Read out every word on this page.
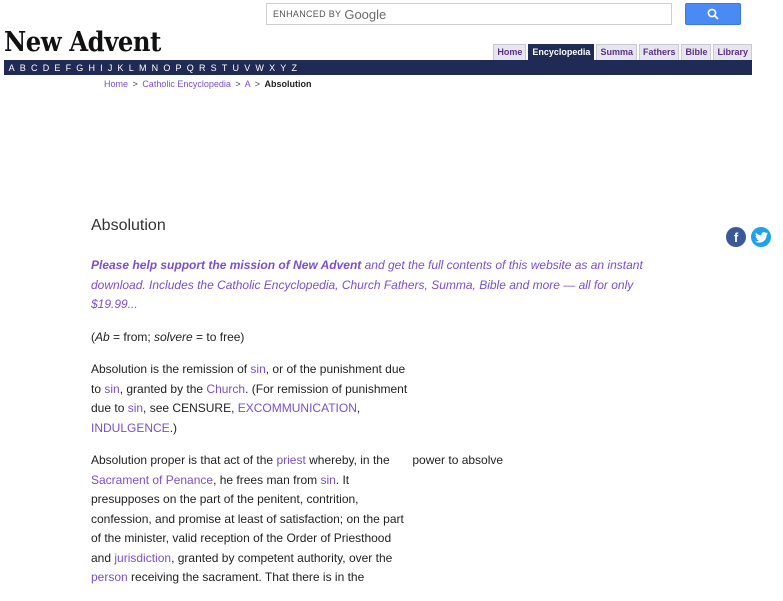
ENHANCED BY Google
New Advent	Home	Encyclopedia	Summa	Fathers	Bible	Library
A B C D E F G H I J K L M N O P Q R S T U V W X Y Z
Home > Catholic Encyclopedia > A > Absolution
Absolution
f

Please help support the mission of New Advent and get the full contents of this website as an instant download. Includes the Catholic Encyclopedia, Church Fathers, Summa, Bible and more — all for only $19.99...

(Ab = from; solvere = to free)

Absolution is the remission of sin, or of the punishment due to sin, granted by the Church. (For remission of punishment due to sin, see CENSURE, EXCOMMUNICATION, INDULGENCE.)

Absolution proper is that act of the priest whereby, in the Sacrament of Penance, he frees man from sin. It presupposes on the part of the penitent, contrition, confession, and promise at least of satisfaction; on the part of the minister, valid reception of the Order of Priesthood and jurisdiction, granted by competent authority, over the person receiving the sacrament. That there is in the power to absolve
